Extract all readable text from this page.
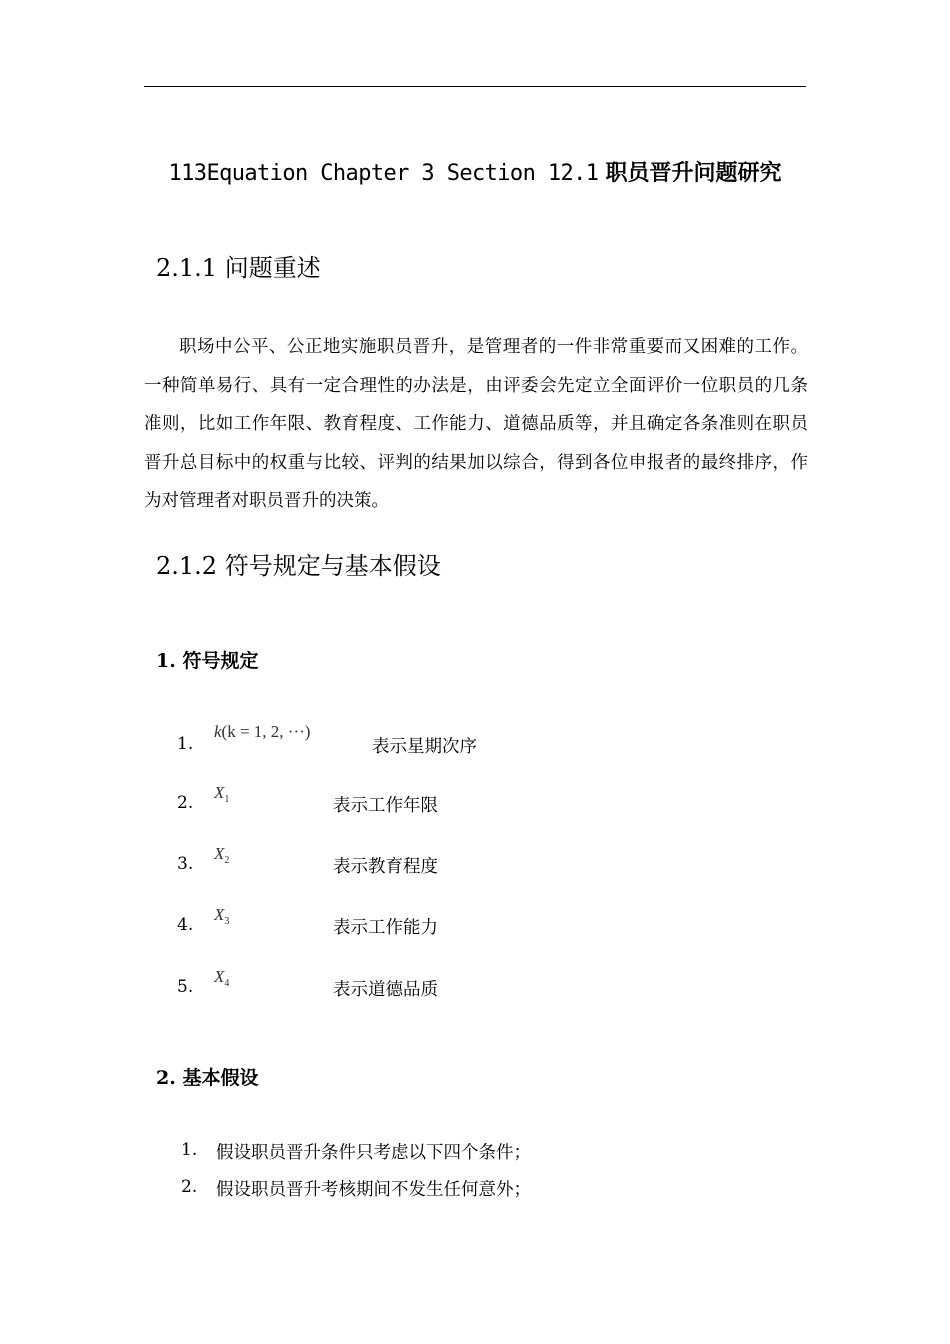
113Equation Chapter 3 Section 12.1 职员晋升问题研究
2.1.1 问题重述
职场中公平、公正地实施职员晋升，是管理者的一件非常重要而又困难的工作。一种简单易行、具有一定合理性的办法是，由评委会先定立全面评价一位职员的几条准则，比如工作年限、教育程度、工作能力、道德品质等，并且确定各条准则在职员晋升总目标中的权重与比较、评判的结果加以综合，得到各位申报者的最终排序，作为对管理者对职员晋升的决策。
2.1.2 符号规定与基本假设
1. 符号规定
1.
k(k = 1, 2, ···)
表示星期次序
2.
$X_1$	表示工作年限
3.
$X_2$	表示教育程度
4.
$X_3$	表示工作能力
5.
$X_4$	表示道德品质
2. 基本假设
1. 假设职员晋升条件只考虑以下四个条件；
2. 假设职员晋升考核期间不发生任何意外；
